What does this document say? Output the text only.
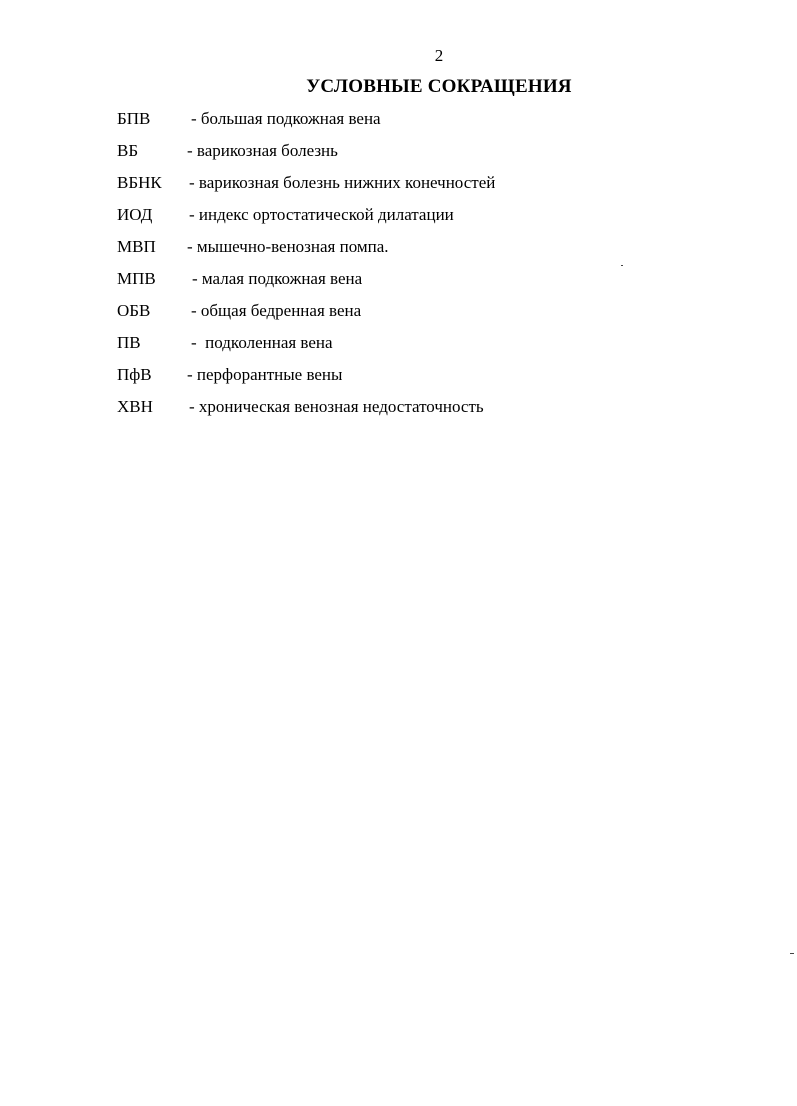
2
УСЛОВНЫЕ СОКРАЩЕНИЯ
БПВ - большая подкожная вена
ВБ	- варикозная болезнь
ВБНК - варикозная болезнь нижних конечностей
ИОД - индекс ортостатической дилатации
МВП - мышечно-венозная помпа.
МПВ - малая подкожная вена
ОБВ - общая бедренная вена
ПВ	-  подколенная вена
ПфВ - перфорантные вены
ХВН - хроническая венозная недостаточность
